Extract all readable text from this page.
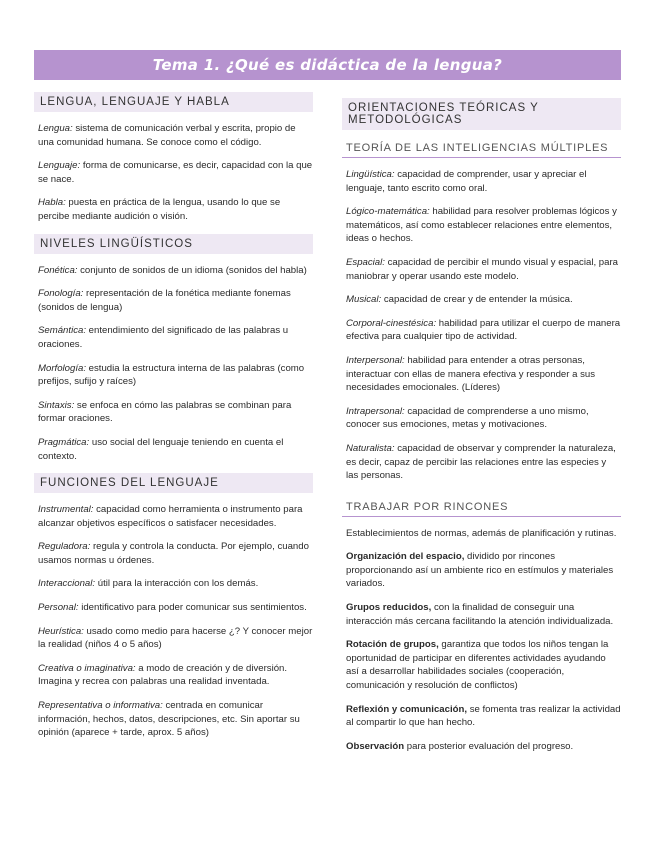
Tema 1. ¿Qué es didáctica de la lengua?
LENGUA, LENGUAJE Y HABLA

Lengua: sistema de comunicación verbal y escrita, propio de una comunidad humana. Se conoce como el código.

Lenguaje: forma de comunicarse, es decir, capacidad con la que se nace.

Habla: puesta en práctica de la lengua, usando lo que se percibe mediante audición o visión.

NIVELES LINGÜÍSTICOS

Fonética: conjunto de sonidos de un idioma (sonidos del habla)

Fonología: representación de la fonética mediante fonemas (sonidos de lengua)

Semántica: entendimiento del significado de las palabras u oraciones.

Morfología: estudia la estructura interna de las palabras (como prefijos, sufijo y raíces)

Sintaxis: se enfoca en cómo las palabras se combinan para formar oraciones.

Pragmática: uso social del lenguaje teniendo en cuenta el contexto.

FUNCIONES DEL LENGUAJE

Instrumental: capacidad como herramienta o instrumento para alcanzar objetivos específicos o satisfacer necesidades.

Reguladora: regula y controla la conducta. Por ejemplo, cuando usamos normas u órdenes.

Interaccional: útil para la interacción con los demás.

Personal: identificativo para poder comunicar sus sentimientos.

Heurística: usado como medio para hacerse ¿? Y conocer mejor la realidad (niños 4 o 5 años)

Creativa o imaginativa: a modo de creación y de diversión. Imagina y recrea con palabras una realidad inventada.

Representativa o informativa: centrada en comunicar información, hechos, datos, descripciones, etc. Sin aportar su opinión (aparece + tarde, aprox. 5 años)

ORIENTACIONES TEÓRICAS Y METODOLÓGICAS
TEORÍA DE LAS INTELIGENCIAS MÚLTIPLES

Lingüística: capacidad de comprender, usar y apreciar el lenguaje, tanto escrito como oral.

Lógico-matemática: habilidad para resolver problemas lógicos y matemáticos, así como establecer relaciones entre elementos, ideas o hechos.

Espacial: capacidad de percibir el mundo visual y espacial, para maniobrar y operar usando este modelo.

Musical: capacidad de crear y de entender la música.

Corporal-cinestésica: habilidad para utilizar el cuerpo de manera efectiva para cualquier tipo de actividad.

Interpersonal: habilidad para entender a otras personas, interactuar con ellas de manera efectiva y responder a sus necesidades emocionales. (Líderes)

Intrapersonal: capacidad de comprenderse a uno mismo, conocer sus emociones, metas y motivaciones.

Naturalista: capacidad de observar y comprender la naturaleza, es decir, capaz de percibir las relaciones entre las especies y las personas.

TRABAJAR POR RINCONES

Establecimientos de normas, además de planificación y rutinas.

Organización del espacio, dividido por rincones proporcionando así un ambiente rico en estímulos y materiales variados.

Grupos reducidos, con la finalidad de conseguir una interacción más cercana facilitando la atención individualizada.

Rotación de grupos, garantiza que todos los niños tengan la oportunidad de participar en diferentes actividades ayudando así a desarrollar habilidades sociales (cooperación, comunicación y resolución de conflictos)

Reflexión y comunicación, se fomenta tras realizar la actividad al compartir lo que han hecho.

Observación para posterior evaluación del progreso.
